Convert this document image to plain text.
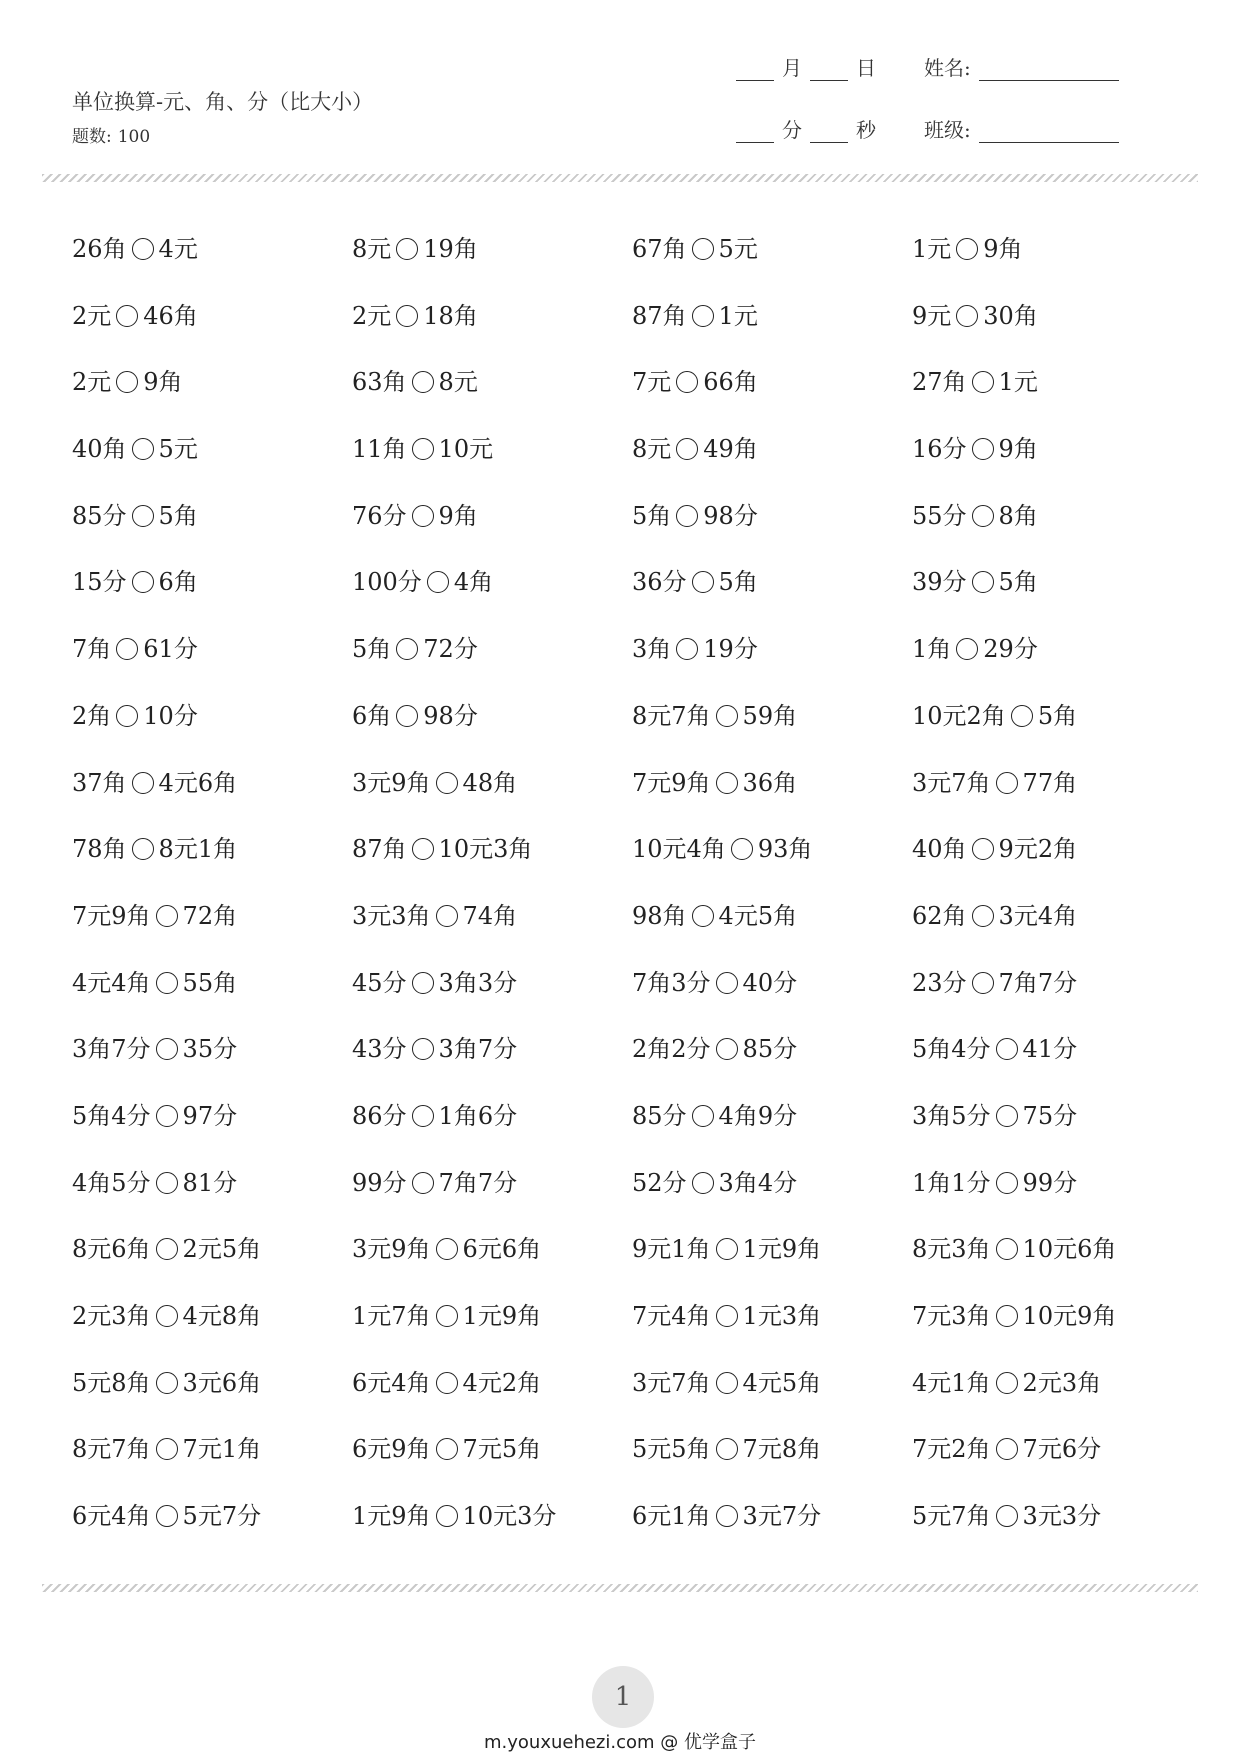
单位换算-元、角、分（比大小）
题数: 100
月	日 姓名:
分	秒 班级:
26角 4元	8元 19角	67角 5元	1元 9角
2元 46角	2元 18角	87角 1元	9元 30角
2元 9角	63角 8元	7元 66角	27角 1元
40角 5元	11角 10元	8元 49角	16分 9角
85分 5角	76分 9角	5角 98分	55分 8角
15分 6角	100分 4角	36分 5角	39分 5角
7角 61分	5角 72分	3角 19分	1角 29分
2角 10分	6角 98分	8元7角 59角	10元2角 5角
37角 4元6角	3元9角 48角	7元9角 36角	3元7角 77角
78角 8元1角	87角 10元3角	10元4角 93角	40角 9元2角
7元9角 72角	3元3角 74角	98角 4元5角	62角 3元4角
4元4角 55角	45分 3角3分	7角3分 40分	23分 7角7分
3角7分 35分	43分 3角7分	2角2分 85分	5角4分 41分
5角4分 97分	86分 1角6分	85分 4角9分	3角5分 75分
4角5分 81分	99分 7角7分	52分 3角4分	1角1分 99分
8元6角 2元5角	3元9角 6元6角	9元1角 1元9角	8元3角 10元6角
2元3角 4元8角	1元7角 1元9角	7元4角 1元3角	7元3角 10元9角
5元8角 3元6角	6元4角 4元2角	3元7角 4元5角	4元1角 2元3角
8元7角 7元1角	6元9角 7元5角	5元5角 7元8角	7元2角 7元6分
6元4角 5元7分	1元9角 10元3分	6元1角 3元7分	5元7角 3元3分
1
m.youxuehezi.com @ 优学盒子
